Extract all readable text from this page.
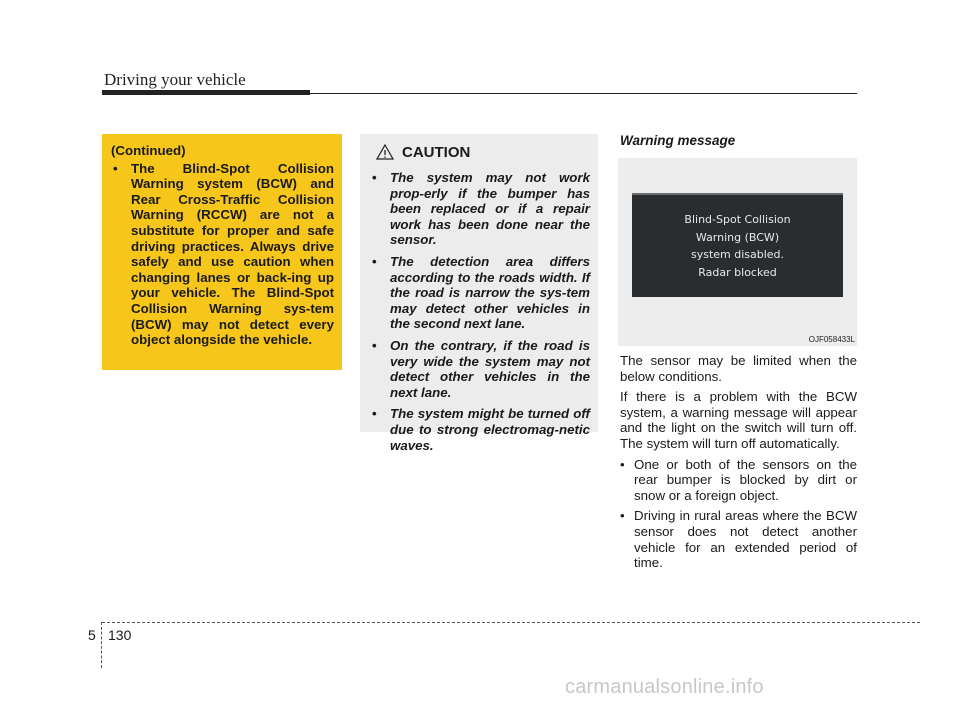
Driving your vehicle
(Continued)
• The Blind-Spot Collision Warning system (BCW) and Rear Cross-Traffic Collision Warning (RCCW) are not a substitute for proper and safe driving practices. Always drive safely and use caution when changing lanes or back-ing up your vehicle. The Blind-Spot Collision Warning sys-tem (BCW) may not detect every object alongside the vehicle.
CAUTION
• The system may not work prop-erly if the bumper has been replaced or if a repair work has been done near the sensor.
• The detection area differs according to the roads width. If the road is narrow the sys-tem may detect other vehicles in the second next lane.
• On the contrary, if the road is very wide the system may not detect other vehicles in the next lane.
• The system might be turned off due to strong electromag-netic waves.
Warning message
Blind-Spot Collision
Warning (BCW)
system disabled.
Radar blocked
OJF058433L

The sensor may be limited when the below conditions.

If there is a problem with the BCW system, a warning message will appear and the light on the switch will turn off. The system will turn off automatically.

• One or both of the sensors on the rear bumper is blocked by dirt or snow or a foreign object.
• Driving in rural areas where the BCW sensor does not detect another vehicle for an extended period of time.
5 130
carmanualsonline.info
